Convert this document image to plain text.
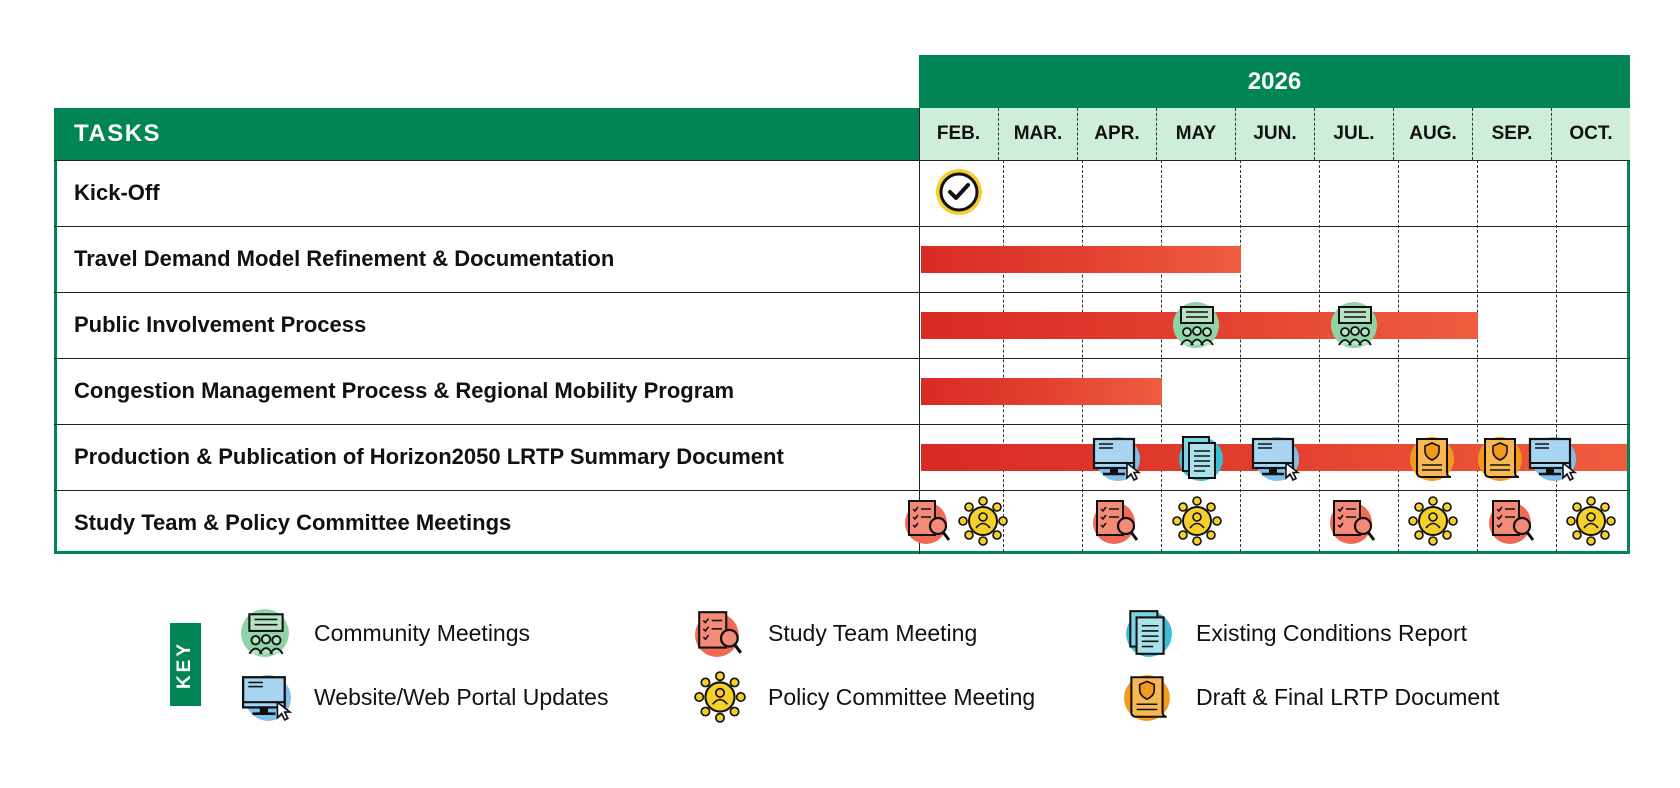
2026
TASKS	FEB.	MAR.	APR.	MAY	JUN.	JUL.	AUG.	SEP.	OCT.
Kick-Off
Travel Demand Model Refinement & Documentation
Public Involvement Process
Congestion Management Process & Regional Mobility Program
Production & Publication of Horizon2050 LRTP Summary Document
Study Team & Policy Committee Meetings
KEY
Community Meetings
Website/Web Portal Updates
Study Team Meeting
Policy Committee Meeting
Existing Conditions Report
Draft & Final LRTP Document
